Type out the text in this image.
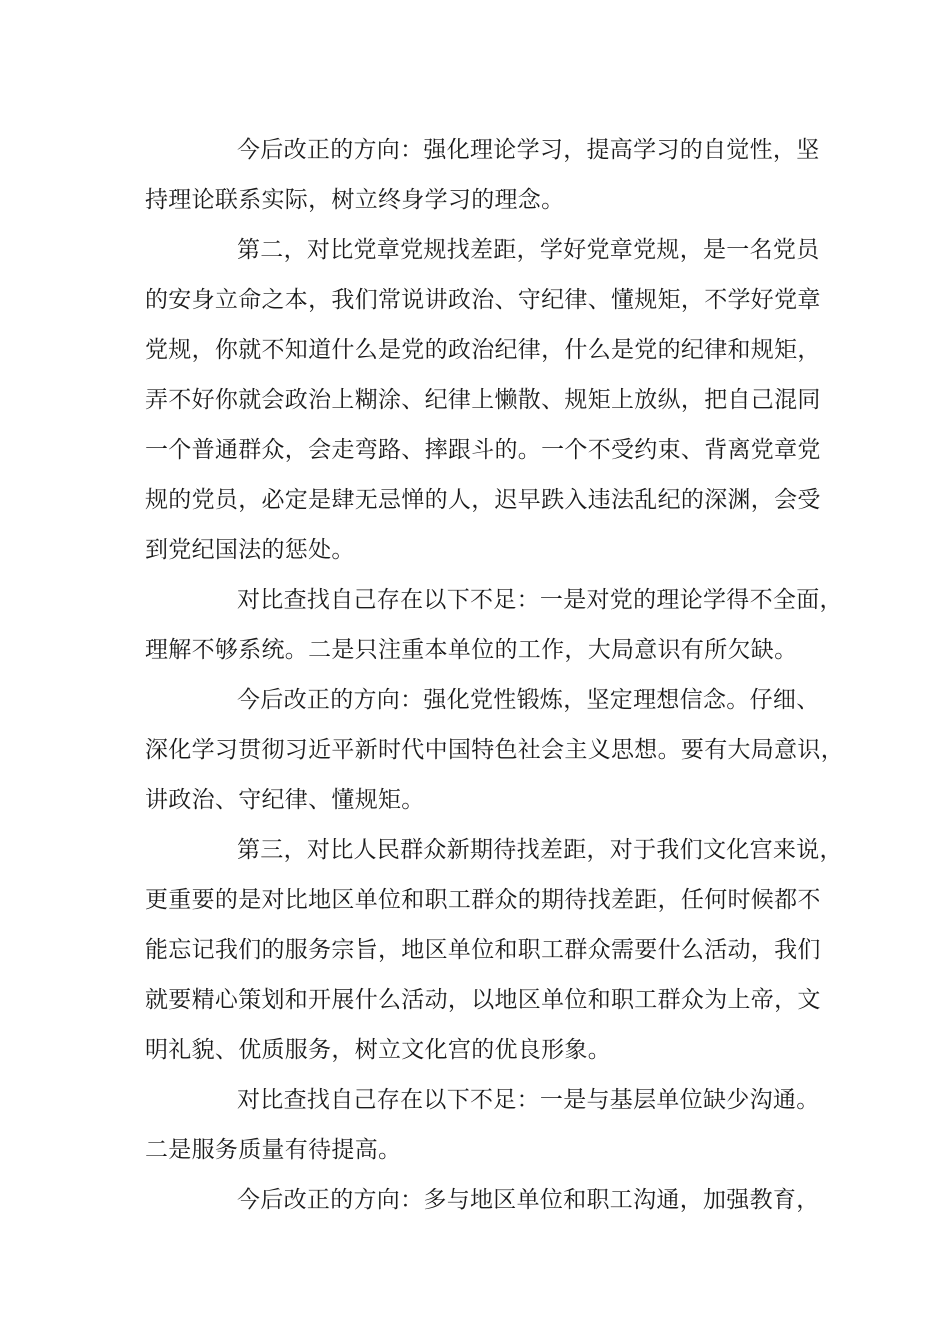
今后改正的方向：强化理论学习，提高学习的自觉性，坚
持理论联系实际，树立终身学习的理念。
第二，对比党章党规找差距，学好党章党规，是一名党员
的安身立命之本，我们常说讲政治、守纪律、懂规矩，不学好党章
党规，你就不知道什么是党的政治纪律，什么是党的纪律和规矩，
弄不好你就会政治上糊涂、纪律上懒散、规矩上放纵，把自己混同
一个普通群众，会走弯路、摔跟斗的。一个不受约束、背离党章党
规的党员，必定是肆无忌惮的人，迟早跌入违法乱纪的深渊，会受
到党纪国法的惩处。
对比查找自己存在以下不足：一是对党的理论学得不全面，
理解不够系统。二是只注重本单位的工作，大局意识有所欠缺。
今后改正的方向：强化党性锻炼，坚定理想信念。仔细、
深化学习贯彻习近平新时代中国特色社会主义思想。要有大局意识，
讲政治、守纪律、懂规矩。
第三，对比人民群众新期待找差距，对于我们文化宫来说，
更重要的是对比地区单位和职工群众的期待找差距，任何时候都不
能忘记我们的服务宗旨，地区单位和职工群众需要什么活动，我们
就要精心策划和开展什么活动，以地区单位和职工群众为上帝，文
明礼貌、优质服务，树立文化宫的优良形象。
对比查找自己存在以下不足：一是与基层单位缺少沟通。
二是服务质量有待提高。
今后改正的方向：多与地区单位和职工沟通，加强教育，
